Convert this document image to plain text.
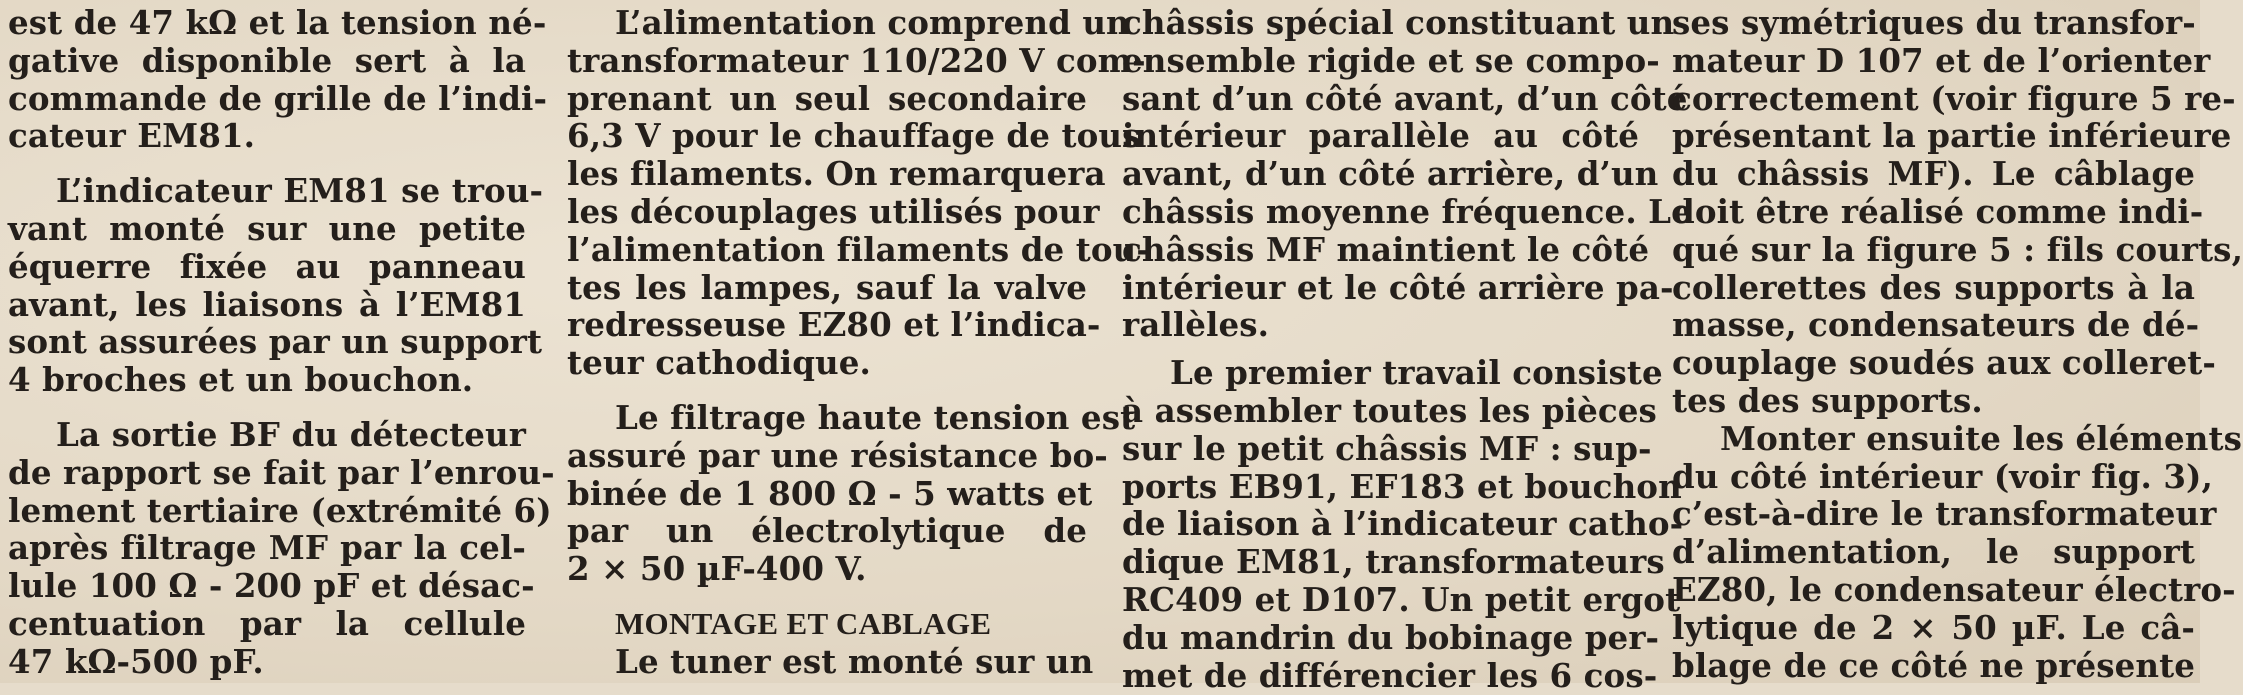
est de 47 kΩ et la tension né-
gative disponible sert à la
commande de grille de l’indi-
cateur EM81.

L’indicateur EM81 se trou-
vant monté sur une petite
équerre fixée au panneau
avant, les liaisons à l’EM81
sont assurées par un support
4 broches et un bouchon.

La sortie BF du détecteur
de rapport se fait par l’enrou-
lement tertiaire (extrémité 6)
après filtrage MF par la cel-
lule 100 Ω - 200 pF et désac-
centuation par la cellule
47 kΩ-500 pF.

L’alimentation comprend un
transformateur 110/220 V com-
prenant un seul secondaire
6,3 V pour le chauffage de tous
les filaments. On remarquera
les découplages utilisés pour
l’alimentation filaments de tou-
tes les lampes, sauf la valve
redresseuse EZ80 et l’indica-
teur cathodique.

Le filtrage haute tension est
assuré par une résistance bo-
binée de 1 800 Ω - 5 watts et
par un électrolytique de
2 × 50 µF-400 V.

MONTAGE ET CABLAGE

Le tuner est monté sur un

châssis spécial constituant un
ensemble rigide et se compo-
sant d’un côté avant, d’un côté
intérieur parallèle au côté
avant, d’un côté arrière, d’un
châssis moyenne fréquence. Le
châssis MF maintient le côté
intérieur et le côté arrière pa-
rallèles.

Le premier travail consiste
à assembler toutes les pièces
sur le petit châssis MF : sup-
ports EB91, EF183 et bouchon
de liaison à l’indicateur catho-
dique EM81, transformateurs
RC409 et D107. Un petit ergot
du mandrin du bobinage per-
met de différencier les 6 cos-

ses symétriques du transfor-
mateur D 107 et de l’orienter
correctement (voir figure 5 re-
présentant la partie inférieure
du châssis MF). Le câblage
doit être réalisé comme indi-
qué sur la figure 5 : fils courts,
collerettes des supports à la
masse, condensateurs de dé-
couplage soudés aux colleret-
tes des supports.

Monter ensuite les éléments
du côté intérieur (voir fig. 3),
c’est-à-dire le transformateur
d’alimentation, le support
EZ80, le condensateur électro-
lytique de 2 × 50 µF. Le câ-
blage de ce côté ne présente
